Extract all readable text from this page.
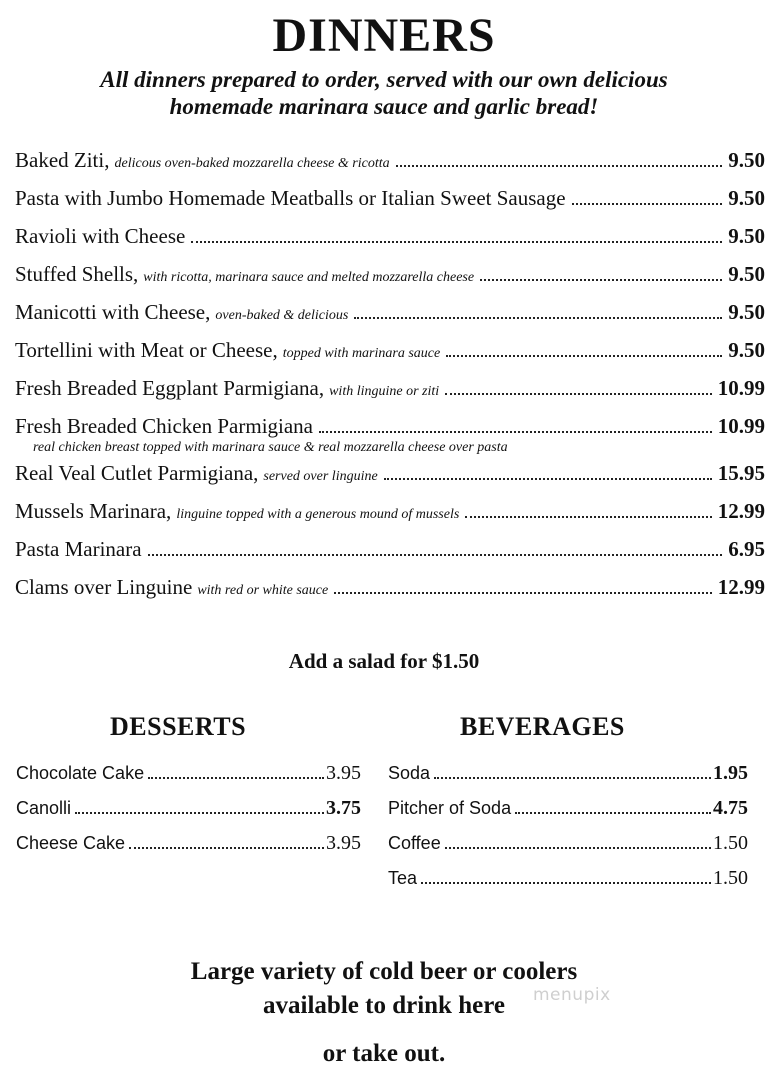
DINNERS
All dinners prepared to order, served with our own delicious
homemade marinara sauce and garlic bread!
Baked Ziti, delicous oven-baked mozzarella cheese & ricotta	9.50
Pasta with Jumbo Homemade Meatballs or Italian Sweet Sausage	9.50
Ravioli with Cheese	9.50
Stuffed Shells, with ricotta, marinara sauce and melted mozzarella cheese	9.50
Manicotti with Cheese, oven-baked & delicious	9.50
Tortellini with Meat or Cheese, topped with marinara sauce	9.50
Fresh Breaded Eggplant Parmigiana, with linguine or ziti	10.99
Fresh Breaded Chicken Parmigiana	10.99
real chicken breast topped with marinara sauce & real mozzarella cheese over pasta
Real Veal Cutlet Parmigiana, served over linguine	15.95
Mussels Marinara, linguine topped with a generous mound of mussels	12.99
Pasta Marinara	6.95
Clams over Linguine with red or white sauce	12.99
Add a salad for $1.50
DESSERTS	BEVERAGES
Chocolate Cake	3.95
Canolli	3.75
Cheese Cake	3.95
Soda	1.95
Pitcher of Soda	4.75
Coffee	1.50
Tea	1.50
Large variety of cold beer or coolers
available to drink here
or take out.
menupix
